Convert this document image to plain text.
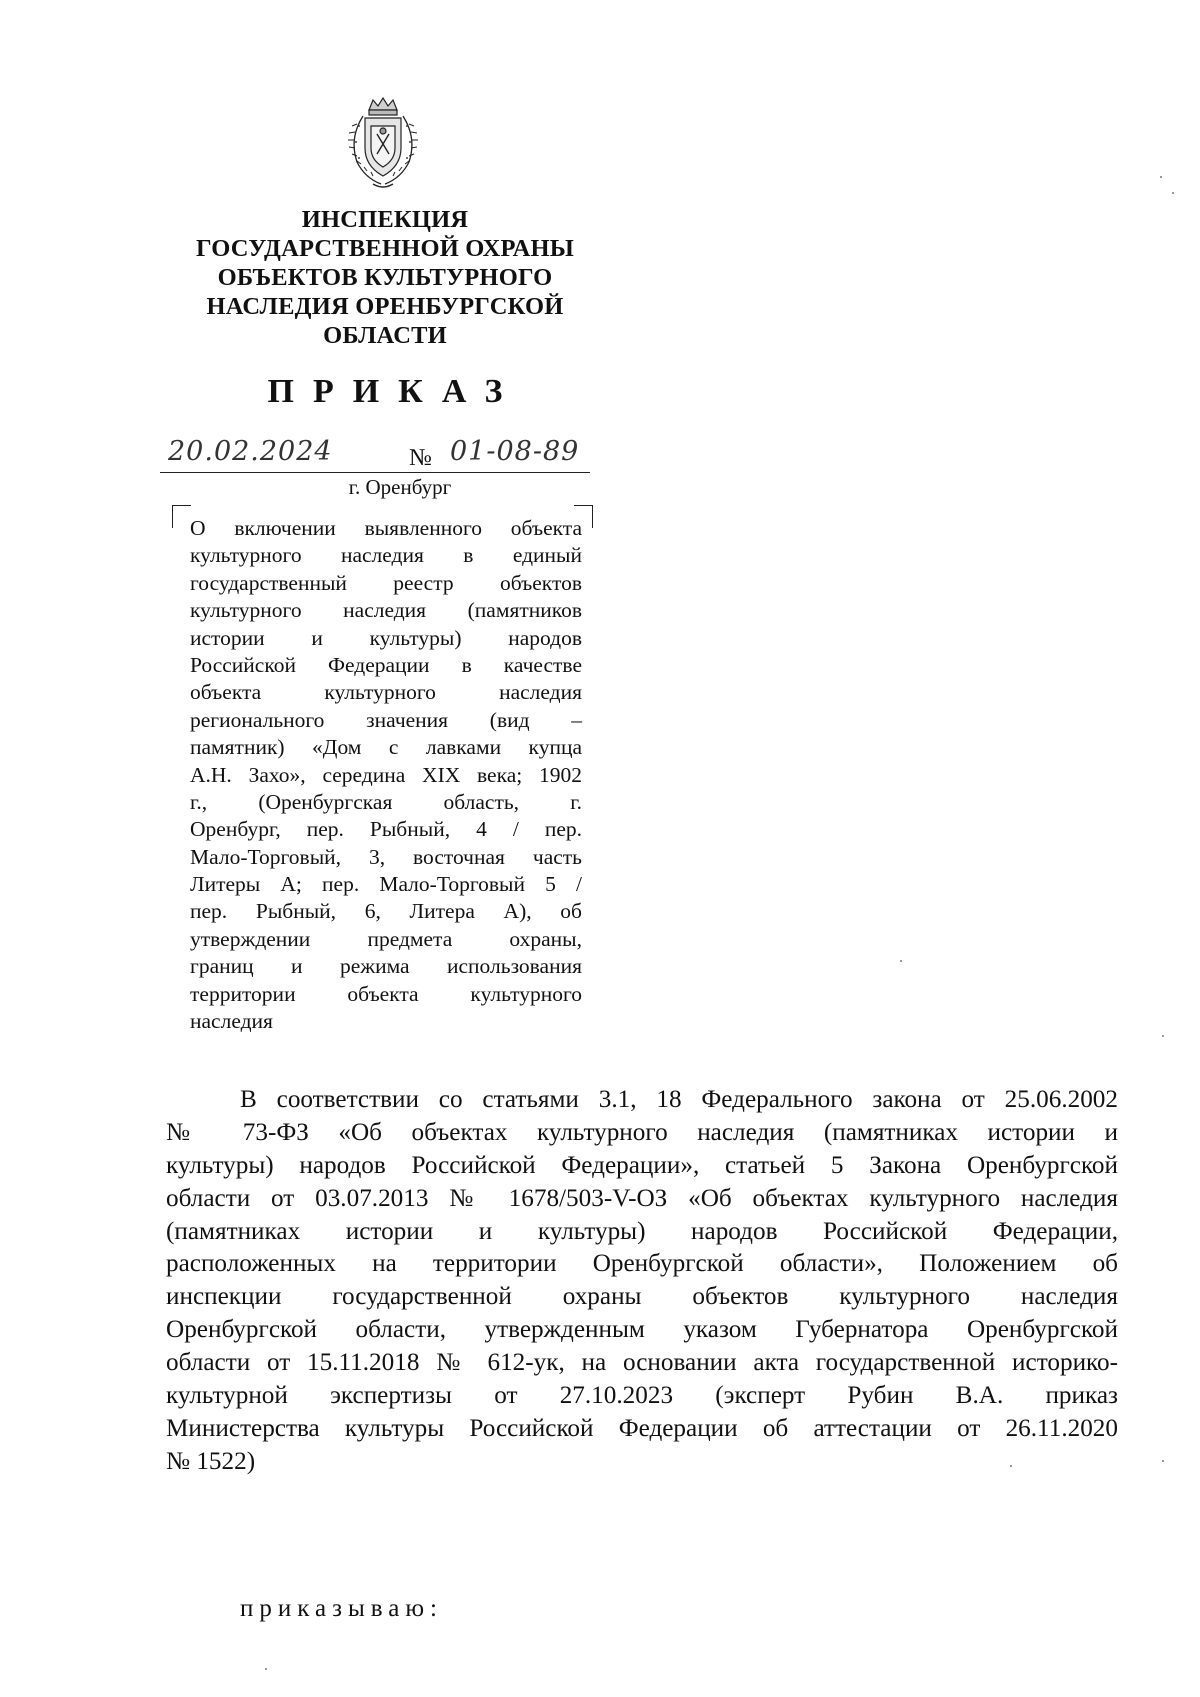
ИНСПЕКЦИЯ
ГОСУДАРСТВЕННОЙ ОХРАНЫ
ОБЪЕКТОВ КУЛЬТУРНОГО
НАСЛЕДИЯ ОРЕНБУРГСКОЙ
ОБЛАСТИ
ПРИКАЗ
20.02.2024	№ 01-08-89
г. Оренбург
О включении выявленного объекта
культурного наследия в единый
государственный реестр объектов
культурного наследия (памятников
истории и культуры) народов
Российской Федерации в качестве
объекта культурного наследия
регионального значения (вид –
памятник) «Дом с лавками купца
А.Н. Захо», середина XIX века; 1902
г., (Оренбургская область, г.
Оренбург, пер. Рыбный, 4 / пер.
Мало-Торговый, 3, восточная часть
Литеры А; пер. Мало-Торговый 5 /
пер. Рыбный, 6, Литера А), об
утверждении предмета охраны,
границ и режима использования
территории объекта культурного
наследия
В соответствии со статьями 3.1, 18 Федерального закона от 25.06.2002
№ 73-ФЗ «Об объектах культурного наследия (памятниках истории и
культуры) народов Российской Федерации», статьей 5 Закона Оренбургской
области от 03.07.2013 № 1678/503-V-ОЗ «Об объектах культурного наследия
(памятниках истории и культуры) народов Российской Федерации,
расположенных на территории Оренбургской области», Положением об
инспекции государственной охраны объектов культурного наследия
Оренбургской области, утвержденным указом Губернатора Оренбургской
области от 15.11.2018 № 612-ук, на основании акта государственной историко-
культурной экспертизы от 27.10.2023 (эксперт Рубин В.А. приказ
Министерства культуры Российской Федерации об аттестации от 26.11.2020
№ 1522)
приказываю:
